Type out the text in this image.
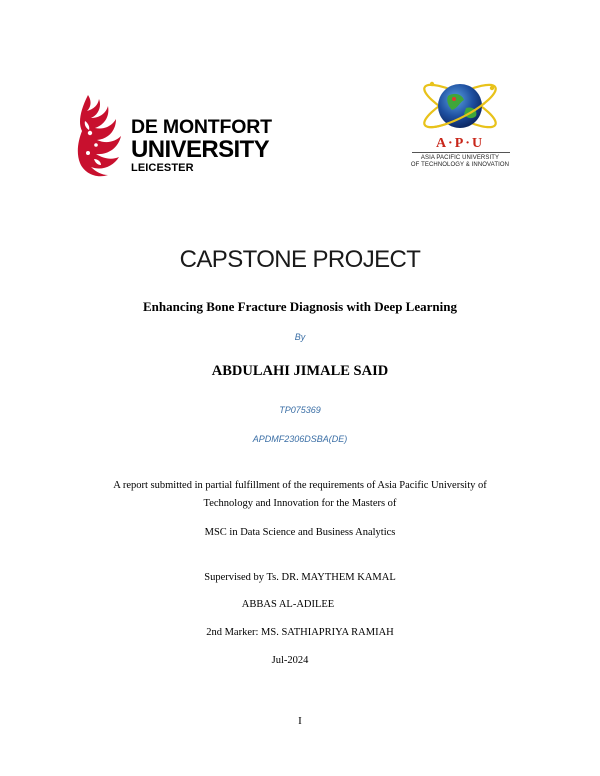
DE MONTFORT
UNIVERSITY
LEICESTER
A·P·U
ASIA PACIFIC UNIVERSITY
OF TECHNOLOGY & INNOVATION
CAPSTONE PROJECT
Enhancing Bone Fracture Diagnosis with Deep Learning
By
ABDULAHI JIMALE SAID
TP075369
APDMF2306DSBA(DE)
A report submitted in partial fulfillment of the requirements of Asia Pacific University of
Technology and Innovation for the Masters of
MSC in Data Science and Business Analytics
Supervised by Ts. DR. MAYTHEM KAMAL
ABBAS AL-ADILEE
2nd Marker: MS. SATHIAPRIYA RAMIAH
Jul-2024
I
